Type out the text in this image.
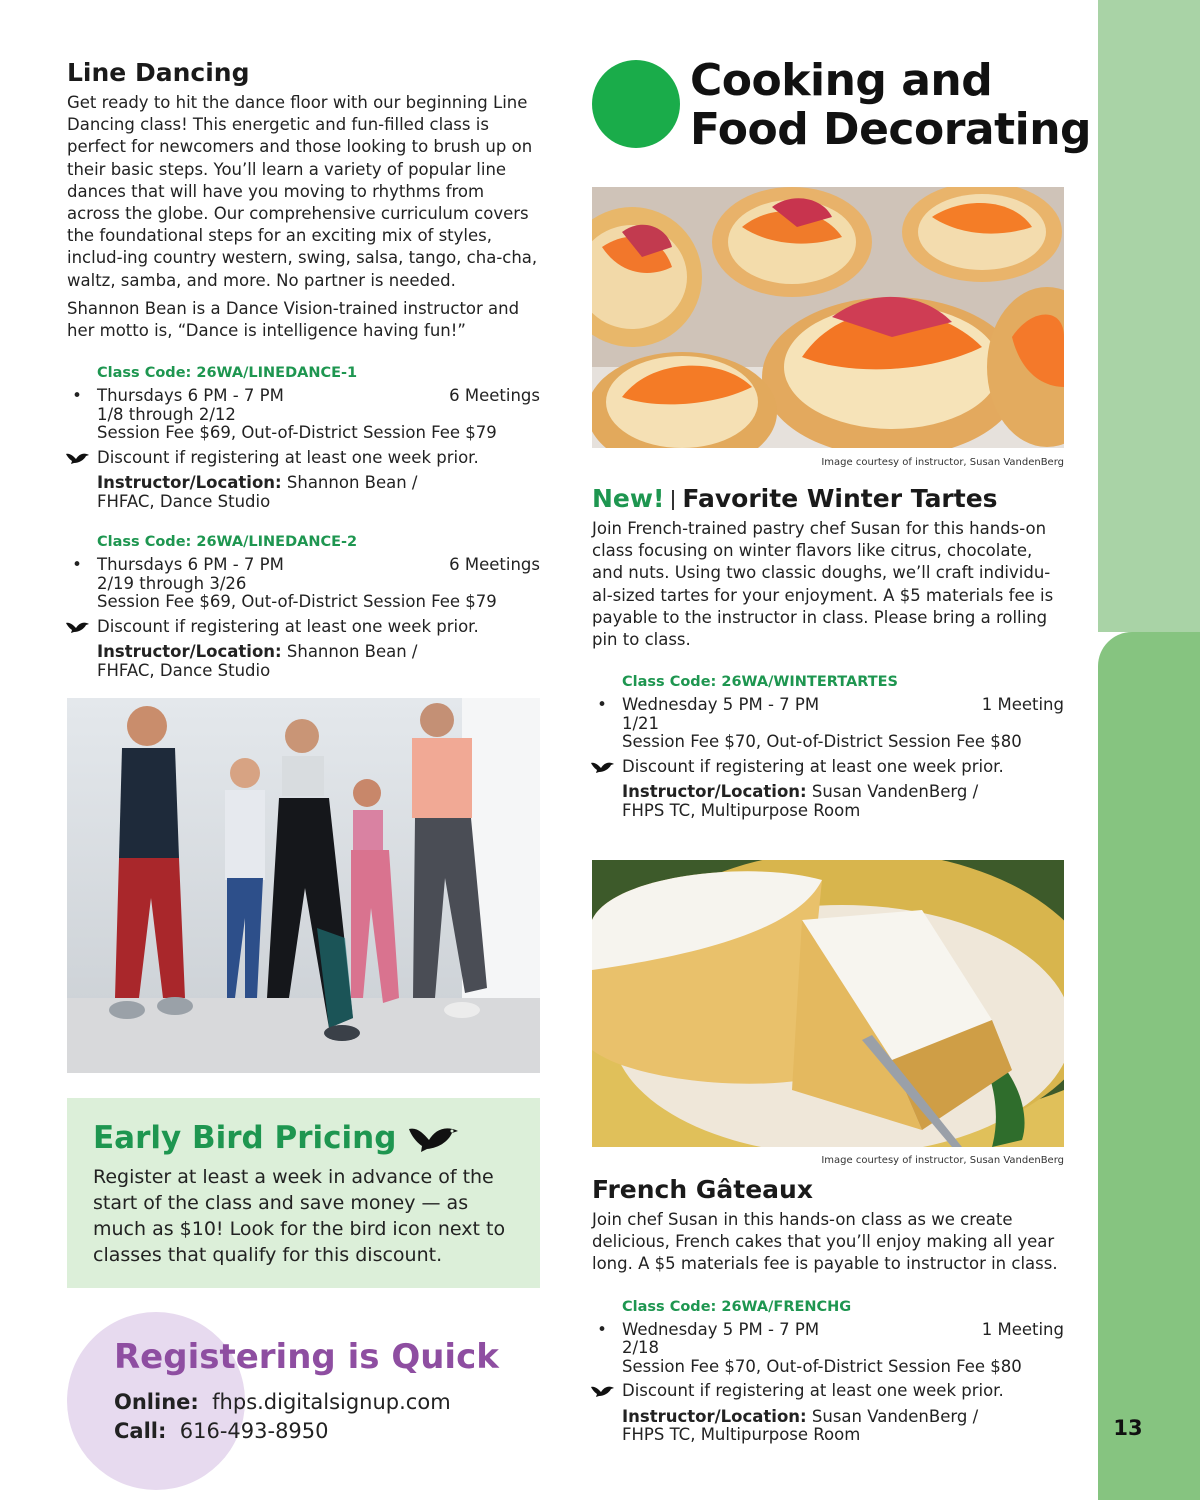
13
Line Dancing

Get ready to hit the dance floor with our beginning Line Dancing class! This energetic and fun-filled class is perfect for newcomers and those looking to brush up on their basic steps. You’ll learn a variety of popular line dances that will have you moving to rhythms from across the globe. Our comprehensive curriculum covers the foundational steps for an exciting mix of styles, includ-ing country western, swing, salsa, tango, cha-cha, waltz, samba, and more. No partner is needed.

Shannon Bean is a Dance Vision-trained instructor and her motto is, “Dance is intelligence having fun!”

Class Code: 26WA/LINEDANCE-1
• Thursdays 6 PM - 7 PM	6 Meetings
1/8 through 2/12
Session Fee $69, Out-of-District Session Fee $79
Discount if registering at least one week prior.
Instructor/Location: Shannon Bean /
FHFAC, Dance Studio
Class Code: 26WA/LINEDANCE-2
• Thursdays 6 PM - 7 PM	6 Meetings
2/19 through 3/26
Session Fee $69, Out-of-District Session Fee $79
Discount if registering at least one week prior.
Instructor/Location: Shannon Bean /
FHFAC, Dance Studio
Early Bird Pricing

Register at least a week in advance of the start of the class and save money — as much as $10! Look for the bird icon next to classes that qualify for this discount.

Registering is Quick
Online: fhps.digitalsignup.com
Call: 616-493-8950
Cooking and
Food Decorating
Image courtesy of instructor, Susan VandenBerg
New! Favorite Winter Tartes

Join French-trained pastry chef Susan for this hands-on class focusing on winter flavors like citrus, chocolate, and nuts. Using two classic doughs, we’ll craft individu-al-sized tartes for your enjoyment. A $5 materials fee is payable to the instructor in class. Please bring a rolling pin to class.

Class Code: 26WA/WINTERTARTES
• Wednesday 5 PM - 7 PM	1 Meeting
1/21
Session Fee $70, Out-of-District Session Fee $80
Discount if registering at least one week prior.
Instructor/Location: Susan VandenBerg /
FHPS TC, Multipurpose Room
Image courtesy of instructor, Susan VandenBerg
French Gâteaux

Join chef Susan in this hands-on class as we create delicious, French cakes that you’ll enjoy making all year long. A $5 materials fee is payable to instructor in class.

Class Code: 26WA/FRENCHG
• Wednesday 5 PM - 7 PM	1 Meeting
2/18
Session Fee $70, Out-of-District Session Fee $80
Discount if registering at least one week prior.
Instructor/Location: Susan VandenBerg /
FHPS TC, Multipurpose Room
